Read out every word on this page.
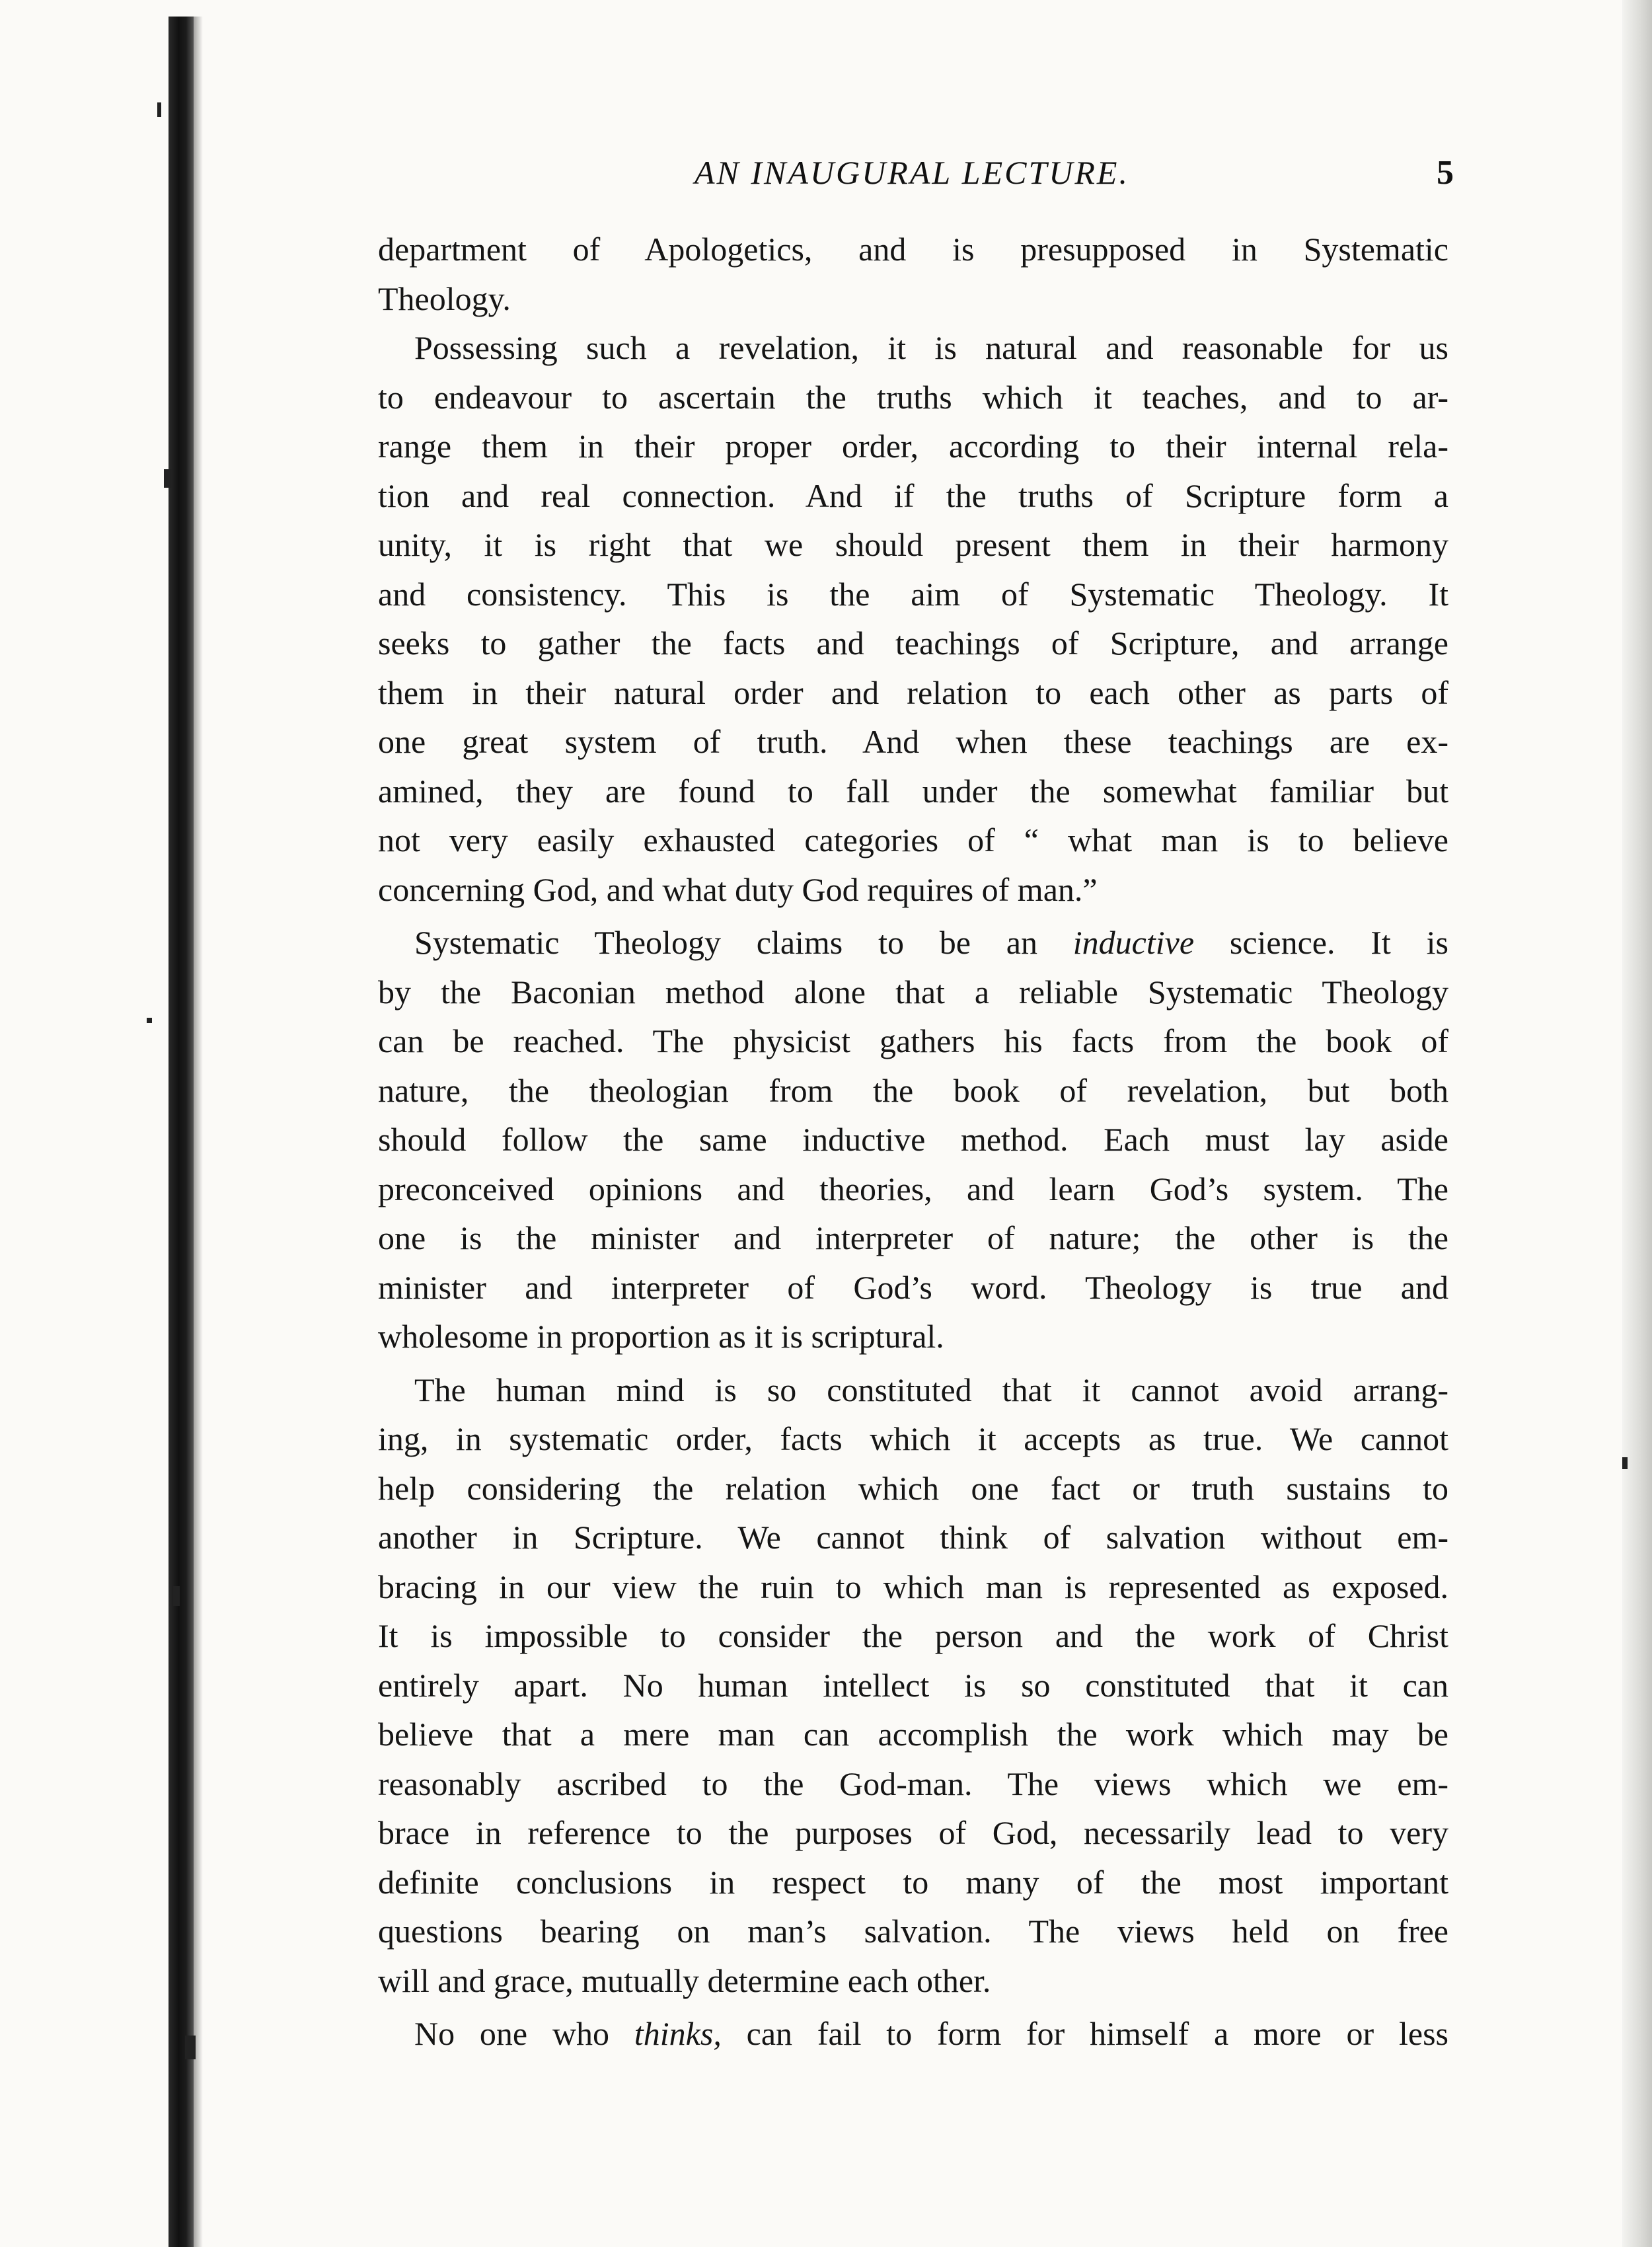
AN INAUGURAL LECTURE.	5
department of Apologetics, and is presupposed in Systematic
Theology.
Possessing such a revelation, it is natural and reasonable for us
to endeavour to ascertain the truths which it teaches, and to ar-
range them in their proper order, according to their internal rela-
tion and real connection. And if the truths of Scripture form a
unity, it is right that we should present them in their harmony
and consistency. This is the aim of Systematic Theology. It
seeks to gather the facts and teachings of Scripture, and arrange
them in their natural order and relation to each other as parts of
one great system of truth. And when these teachings are ex-
amined, they are found to fall under the somewhat familiar but
not very easily exhausted categories of “ what man is to believe
concerning God, and what duty God requires of man.”
Systematic Theology claims to be an inductive science. It is
by the Baconian method alone that a reliable Systematic Theology
can be reached. The physicist gathers his facts from the book of
nature, the theologian from the book of revelation, but both
should follow the same inductive method. Each must lay aside
preconceived opinions and theories, and learn God’s system. The
one is the minister and interpreter of nature; the other is the
minister and interpreter of God’s word. Theology is true and
wholesome in proportion as it is scriptural.
The human mind is so constituted that it cannot avoid arrang-
ing, in systematic order, facts which it accepts as true. We cannot
help considering the relation which one fact or truth sustains to
another in Scripture. We cannot think of salvation without em-
bracing in our view the ruin to which man is represented as exposed.
It is impossible to consider the person and the work of Christ
entirely apart. No human intellect is so constituted that it can
believe that a mere man can accomplish the work which may be
reasonably ascribed to the God-man. The views which we em-
brace in reference to the purposes of God, necessarily lead to very
definite conclusions in respect to many of the most important
questions bearing on man’s salvation. The views held on free
will and grace, mutually determine each other.
No one who thinks, can fail to form for himself a more or less
